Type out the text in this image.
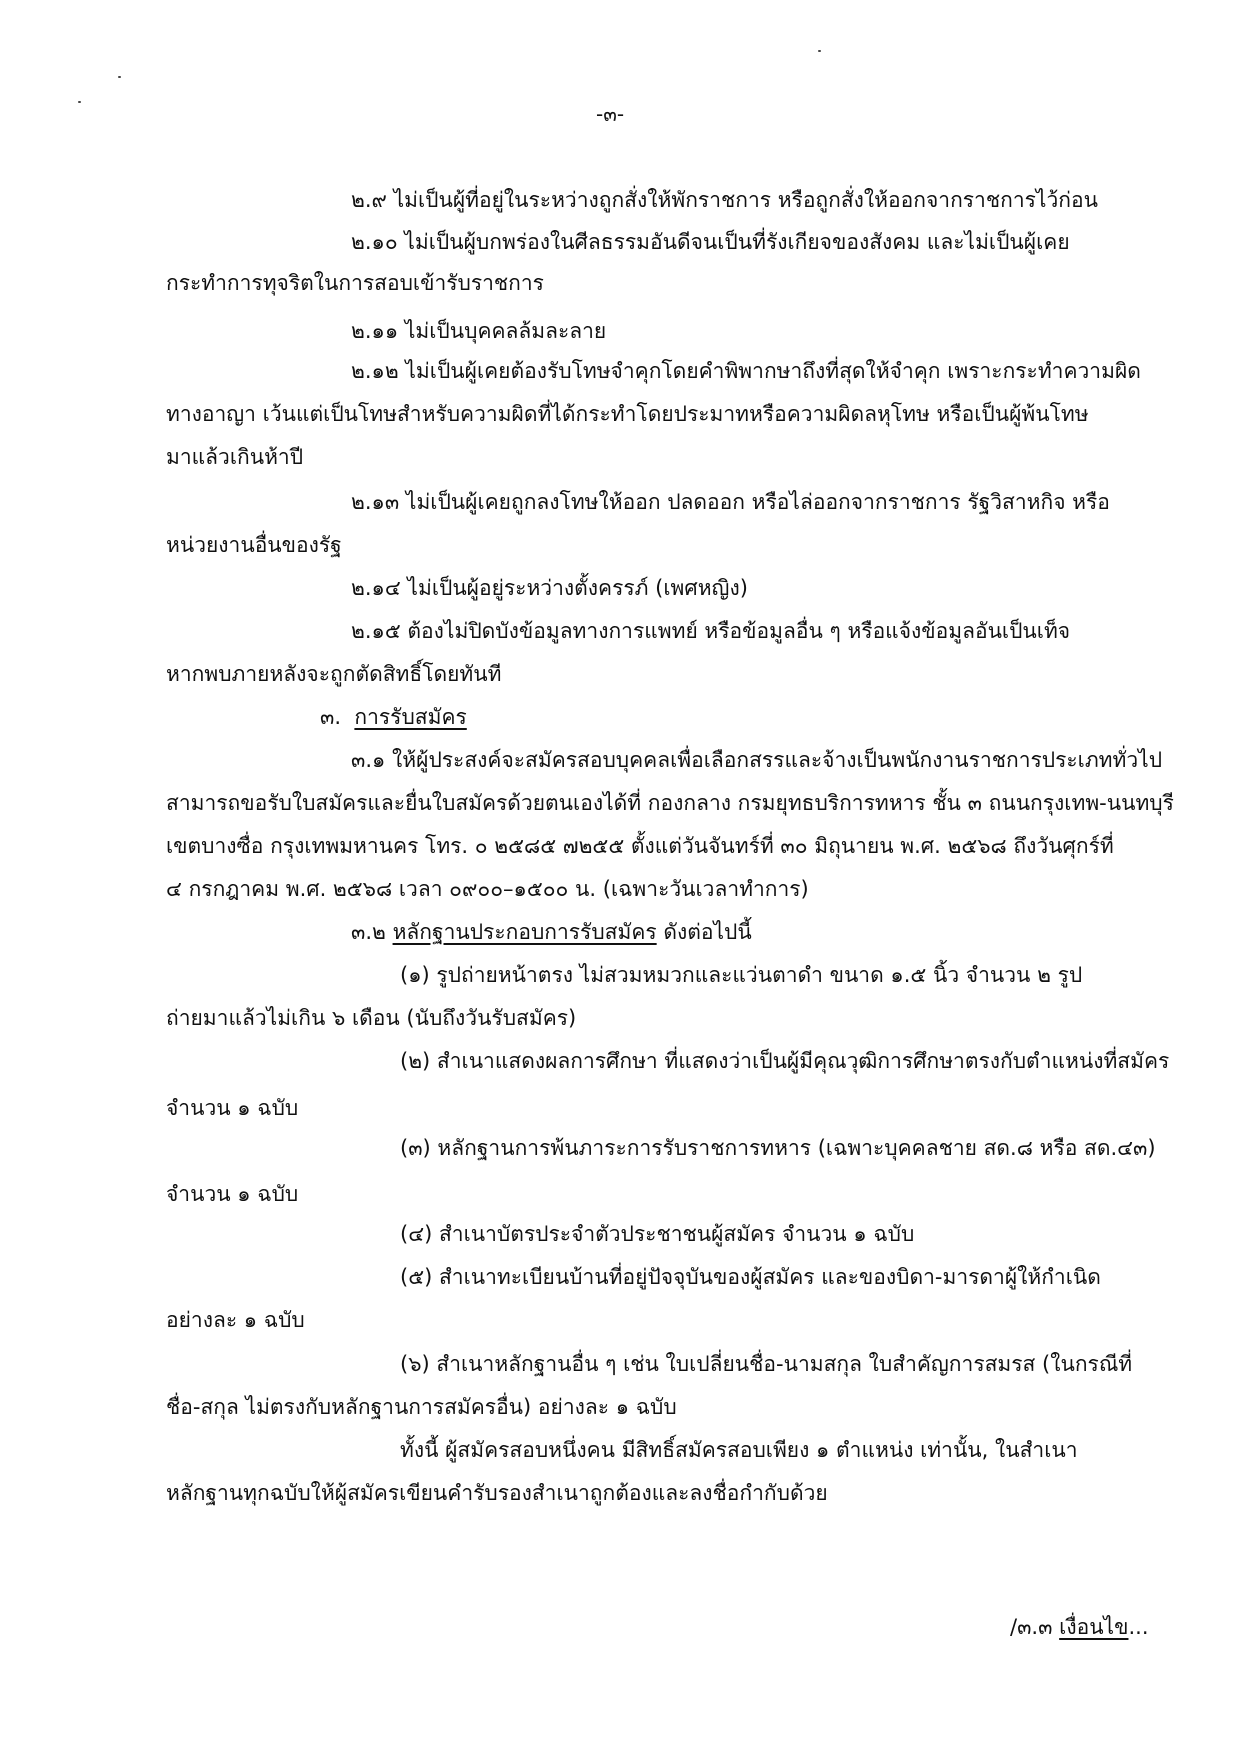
-๓-
๒.๙ ไม่เป็นผู้ที่อยู่ในระหว่างถูกสั่งให้พักราชการ หรือถูกสั่งให้ออกจากราชการไว้ก่อน
๒.๑๐ ไม่เป็นผู้บกพร่องในศีลธรรมอันดีจนเป็นที่รังเกียจของสังคม และไม่เป็นผู้เคย
กระทำการทุจริตในการสอบเข้ารับราชการ
๒.๑๑ ไม่เป็นบุคคลล้มละลาย
๒.๑๒ ไม่เป็นผู้เคยต้องรับโทษจำคุกโดยคำพิพากษาถึงที่สุดให้จำคุก เพราะกระทำความผิด
ทางอาญา เว้นแต่เป็นโทษสำหรับความผิดที่ได้กระทำโดยประมาทหรือความผิดลหุโทษ หรือเป็นผู้พ้นโทษ
มาแล้วเกินห้าปี
๒.๑๓ ไม่เป็นผู้เคยถูกลงโทษให้ออก ปลดออก หรือไล่ออกจากราชการ รัฐวิสาหกิจ หรือ
หน่วยงานอื่นของรัฐ
๒.๑๔ ไม่เป็นผู้อยู่ระหว่างตั้งครรภ์ (เพศหญิง)
๒.๑๕ ต้องไม่ปิดบังข้อมูลทางการแพทย์ หรือข้อมูลอื่น ๆ หรือแจ้งข้อมูลอันเป็นเท็จ
หากพบภายหลังจะถูกตัดสิทธิ์โดยทันที
๓. การรับสมัคร
๓.๑ ให้ผู้ประสงค์จะสมัครสอบบุคคลเพื่อเลือกสรรและจ้างเป็นพนักงานราชการประเภททั่วไป
สามารถขอรับใบสมัครและยื่นใบสมัครด้วยตนเองได้ที่ กองกลาง กรมยุทธบริการทหาร ชั้น ๓ ถนนกรุงเทพ-นนทบุรี
เขตบางซื่อ กรุงเทพมหานคร โทร. ๐ ๒๕๘๕ ๗๒๕๕ ตั้งแต่วันจันทร์ที่ ๓๐ มิถุนายน พ.ศ. ๒๕๖๘ ถึงวันศุกร์ที่
๔ กรกฎาคม พ.ศ. ๒๕๖๘ เวลา ๐๙๐๐–๑๕๐๐ น. (เฉพาะวันเวลาทำการ)
๓.๒ หลักฐานประกอบการรับสมัคร ดังต่อไปนี้
(๑) รูปถ่ายหน้าตรง ไม่สวมหมวกและแว่นตาดำ ขนาด ๑.๕ นิ้ว จำนวน ๒ รูป
ถ่ายมาแล้วไม่เกิน ๖ เดือน (นับถึงวันรับสมัคร)
(๒) สำเนาแสดงผลการศึกษา ที่แสดงว่าเป็นผู้มีคุณวุฒิการศึกษาตรงกับตำแหน่งที่สมัคร
จำนวน ๑ ฉบับ
(๓) หลักฐานการพ้นภาระการรับราชการทหาร (เฉพาะบุคคลชาย สด.๘ หรือ สด.๔๓)
จำนวน ๑ ฉบับ
(๔) สำเนาบัตรประจำตัวประชาชนผู้สมัคร จำนวน ๑ ฉบับ
(๕) สำเนาทะเบียนบ้านที่อยู่ปัจจุบันของผู้สมัคร และของบิดา-มารดาผู้ให้กำเนิด
อย่างละ ๑ ฉบับ
(๖) สำเนาหลักฐานอื่น ๆ เช่น ใบเปลี่ยนชื่อ-นามสกุล ใบสำคัญการสมรส (ในกรณีที่
ชื่อ-สกุล ไม่ตรงกับหลักฐานการสมัครอื่น) อย่างละ ๑ ฉบับ
ทั้งนี้ ผู้สมัครสอบหนึ่งคน มีสิทธิ์สมัครสอบเพียง ๑ ตำแหน่ง เท่านั้น, ในสำเนา
หลักฐานทุกฉบับให้ผู้สมัครเขียนคำรับรองสำเนาถูกต้องและลงชื่อกำกับด้วย
/๓.๓ เงื่อนไข...
